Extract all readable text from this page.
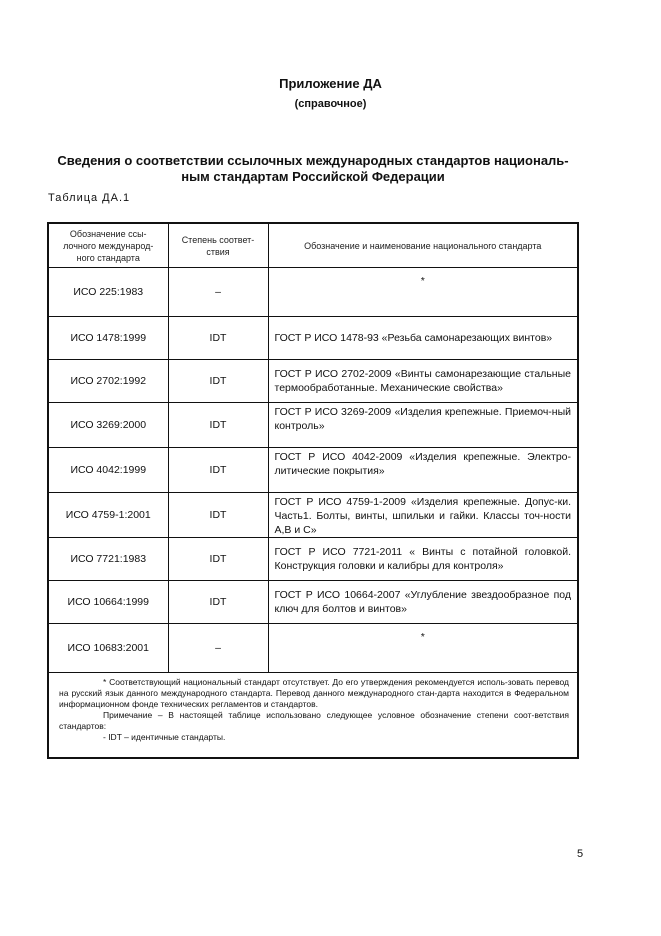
Приложение ДА
(справочное)
Сведения о соответствии ссылочных международных стандартов националь-ным стандартам Российской Федерации
Таблица ДА.1
Обозначение ссы-лочного международ-ного стандарта	Степень соответ-ствия	Обозначение и наименование национального стандарта
ИСО 225:1983	–	*
ИСО 1478:1999	IDT	ГОСТ Р ИСО 1478-93 «Резьба самонарезающих винтов»
ИСО 2702:1992	IDT	ГОСТ Р ИСО 2702-2009 «Винты самонарезающие стальные термообработанные. Механические свойства»
ИСО 3269:2000	IDT	ГОСТ Р ИСО 3269-2009 «Изделия крепежные. Приемоч-ный контроль»
ИСО 4042:1999	IDT	ГОСТ Р ИСО 4042-2009 «Изделия крепежные. Электро-литические покрытия»
ИСО 4759-1:2001	IDT	ГОСТ Р ИСО 4759-1-2009 «Изделия крепежные. Допус-ки. Часть1. Болты, винты, шпильки и гайки. Классы точ-ности A,B и C»
ИСО 7721:1983	IDT	ГОСТ Р ИСО 7721-2011 « Винты с потайной головкой. Конструкция головки и калибры для контроля»
ИСО 10664:1999	IDT	ГОСТ Р ИСО 10664-2007 «Углубление звездообразное под ключ для болтов и винтов»
ИСО 10683:2001	–	*

* Соответствующий национальный стандарт отсутствует. До его утверждения рекомендуется исполь-зовать перевод на русский язык данного международного стандарта. Перевод данного международного стан-дарта находится в Федеральном информационном фонде технических регламентов и стандартов.
Примечание – В настоящей таблице использовано следующее условное обозначение степени соот-ветствия стандартов:
- IDT – идентичные стандарты.		
5
